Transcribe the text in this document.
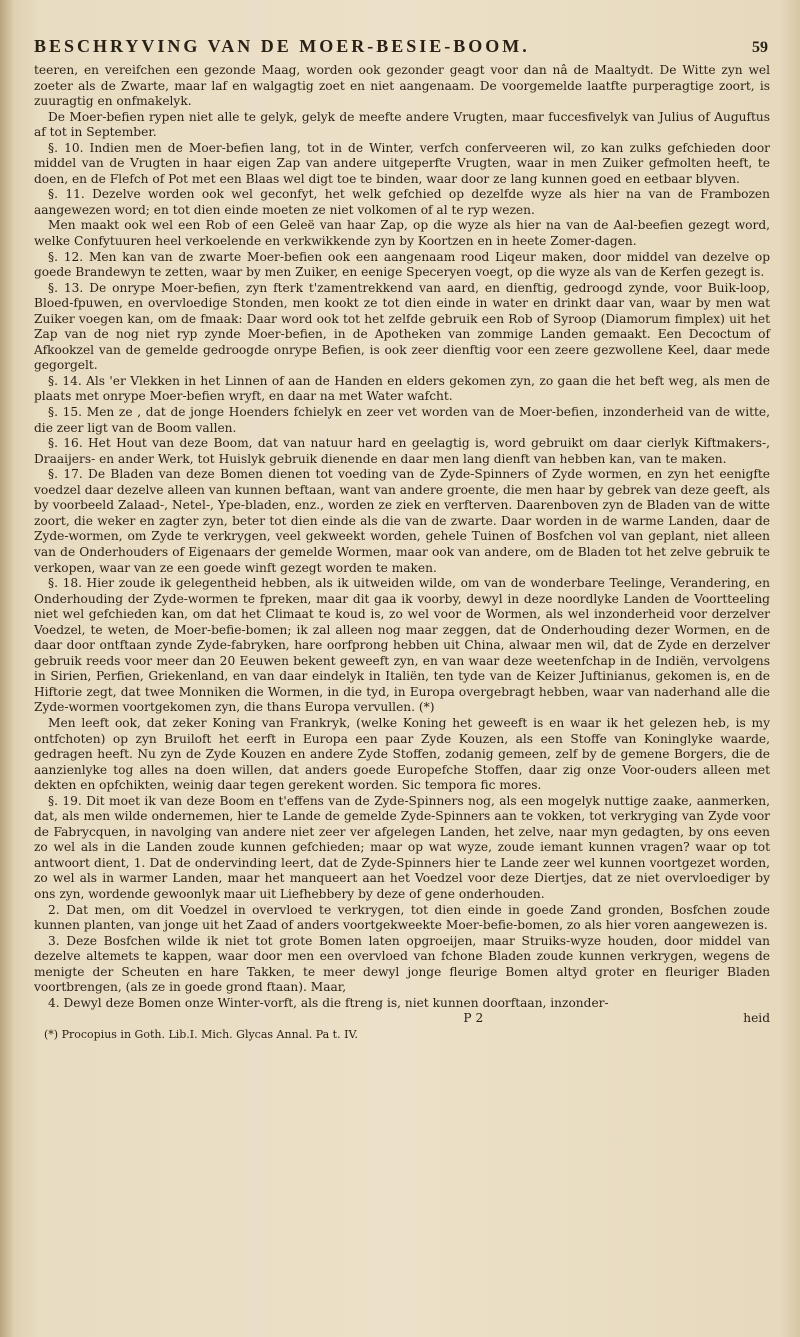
BESCHRYVING VAN DE MOER-BESIE-BOOM.	59

teeren, en vereifchen een gezonde Maag, worden ook gezonder geagt voor dan nâ de Maaltydt. De Witte zyn wel zoeter als de Zwarte, maar laf en walgagtig zoet en niet aangenaam. De voorgemelde laatfte purperagtige zoort, is zuuragtig en onfmakelyk.

De Moer-befien rypen niet alle te gelyk, gelyk de meefte andere Vrugten, maar fuccesfivelyk van Julius of Auguftus af tot in September.

§. 10. Indien men de Moer-befien lang, tot in de Winter, verfch conferveeren wil, zo kan zulks gefchieden door middel van de Vrugten in haar eigen Zap van andere uitgeperfte Vrugten, waar in men Zuiker gefmolten heeft, te doen, en de Flefch of Pot met een Blaas wel digt toe te binden, waar door ze lang kunnen goed en eetbaar blyven.

§. 11. Dezelve worden ook wel geconfyt, het welk gefchied op dezelfde wyze als hier na van de Frambozen aangewezen word; en tot dien einde moeten ze niet volkomen of al te ryp wezen.

Men maakt ook wel een Rob of een Geleë van haar Zap, op die wyze als hier na van de Aal-beefien gezegt word, welke Confytuuren heel verkoelende en verkwikkende zyn by Koortzen en in heete Zomer-dagen.

§. 12. Men kan van de zwarte Moer-befien ook een aangenaam rood Liqeur maken, door middel van dezelve op goede Brandewyn te zetten, waar by men Zuiker, en eenige Speceryen voegt, op die wyze als van de Kerfen gezegt is.

§. 13. De onrype Moer-befien, zyn fterk t'zamentrekkend van aard, en dienftig, gedroogd zynde, voor Buik-loop, Bloed-fpuwen, en overvloedige Stonden, men kookt ze tot dien einde in water en drinkt daar van, waar by men wat Zuiker voegen kan, om de fmaak: Daar word ook tot het zelfde gebruik een Rob of Syroop (Diamorum fimplex) uit het Zap van de nog niet ryp zynde Moer-befien, in de Apotheken van zommige Landen gemaakt. Een Decoctum of Afkookzel van de gemelde gedroogde onrype Befien, is ook zeer dienftig voor een zeere gezwollene Keel, daar mede gegorgelt.

§. 14. Als 'er Vlekken in het Linnen of aan de Handen en elders gekomen zyn, zo gaan die het beft weg, als men de plaats met onrype Moer-befien wryft, en daar na met Water wafcht.

§. 15. Men ze , dat de jonge Hoenders fchielyk en zeer vet worden van de Moer-befien, inzonderheid van de witte, die zeer ligt van de Boom vallen.

§. 16. Het Hout van deze Boom, dat van natuur hard en geelagtig is, word gebruikt om daar cierlyk Kiftmakers-, Draaijers- en ander Werk, tot Huislyk gebruik dienende en daar men lang dienft van hebben kan, van te maken.

§. 17. De Bladen van deze Bomen dienen tot voeding van de Zyde-Spinners of Zyde wormen, en zyn het eenigfte voedzel daar dezelve alleen van kunnen beftaan, want van andere groente, die men haar by gebrek van deze geeft, als by voorbeeld Zalaad-, Netel-, Ype-bladen, enz., worden ze ziek en verfterven. Daarenboven zyn de Bladen van de witte zoort, die weker en zagter zyn, beter tot dien einde als die van de zwarte. Daar worden in de warme Landen, daar de Zyde-wormen, om Zyde te verkrygen, veel gekweekt worden, gehele Tuinen of Bosfchen vol van geplant, niet alleen van de Onderhouders of Eigenaars der gemelde Wormen, maar ook van andere, om de Bladen tot het zelve gebruik te verkopen, waar van ze een goede winft gezegt worden te maken.

§. 18. Hier zoude ik gelegentheid hebben, als ik uitweiden wilde, om van de wonderbare Teelinge, Verandering, en Onderhouding der Zyde-wormen te fpreken, maar dit gaa ik voorby, dewyl in deze noordlyke Landen de Voortteeling niet wel gefchieden kan, om dat het Climaat te koud is, zo wel voor de Wormen, als wel inzonderheid voor derzelver Voedzel, te weten, de Moer-befie-bomen; ik zal alleen nog maar zeggen, dat de Onderhouding dezer Wormen, en de daar door ontftaan zynde Zyde-fabryken, hare oorfprong hebben uit China, alwaar men wil, dat de Zyde en derzelver gebruik reeds voor meer dan 20 Eeuwen bekent geweeft zyn, en van waar deze weetenfchap in de Indiën, vervolgens in Sirien, Perfien, Griekenland, en van daar eindelyk in Italiën, ten tyde van de Keizer Juftinianus, gekomen is, en de Hiftorie zegt, dat twee Monniken die Wormen, in die tyd, in Europa overgebragt hebben, waar van naderhand alle die Zyde-wormen voortgekomen zyn, die thans Europa vervullen. (*)

Men leeft ook, dat zeker Koning van Frankryk, (welke Koning het geweeft is en waar ik het gelezen heb, is my ontfchoten) op zyn Bruiloft het eerft in Europa een paar Zyde Kouzen, als een Stoffe van Koninglyke waarde, gedragen heeft. Nu zyn de Zyde Kouzen en andere Zyde Stoffen, zodanig gemeen, zelf by de gemene Borgers, die de aanzienlyke tog alles na doen willen, dat anders goede Europefche Stoffen, daar zig onze Voor-ouders alleen met dekten en opfchikten, weinig daar tegen gerekent worden. Sic tempora fic mores.

§. 19. Dit moet ik van deze Boom en t'effens van de Zyde-Spinners nog, als een mogelyk nuttige zaake, aanmerken, dat, als men wilde ondernemen, hier te Lande de gemelde Zyde-Spinners aan te vokken, tot verkryging van Zyde voor de Fabrycquen, in navolging van andere niet zeer ver afgelegen Landen, het zelve, naar myn gedagten, by ons eeven zo wel als in die Landen zoude kunnen gefchieden; maar op wat wyze, zoude iemant kunnen vragen? waar op tot antwoort dient, 1. Dat de ondervinding leert, dat de Zyde-Spinners hier te Lande zeer wel kunnen voortgezet worden, zo wel als in warmer Landen, maar het manqueert aan het Voedzel voor deze Diertjes, dat ze niet overvloediger by ons zyn, wordende gewoonlyk maar uit Liefhebbery by deze of gene onderhouden.

2. Dat men, om dit Voedzel in overvloed te verkrygen, tot dien einde in goede Zand gronden, Bosfchen zoude kunnen planten, van jonge uit het Zaad of anders voortgekweekte Moer-befie-bomen, zo als hier voren aangewezen is.

3. Deze Bosfchen wilde ik niet tot grote Bomen laten opgroeijen, maar Struiks-wyze houden, door middel van dezelve altemets te kappen, waar door men een overvloed van fchone Bladen zoude kunnen verkrygen, wegens de menigte der Scheuten en hare Takken, te meer dewyl jonge fleurige Bomen altyd groter en fleuriger Bladen voortbrengen, (als ze in goede grond ftaan). Maar,

4. Dewyl deze Bomen onze Winter-vorft, als die ftreng is, niet kunnen doorftaan, inzonder-

P 2	heid
(*) Procopius in Goth. Lib.I. Mich. Glycas Annal. Pa t. IV.
